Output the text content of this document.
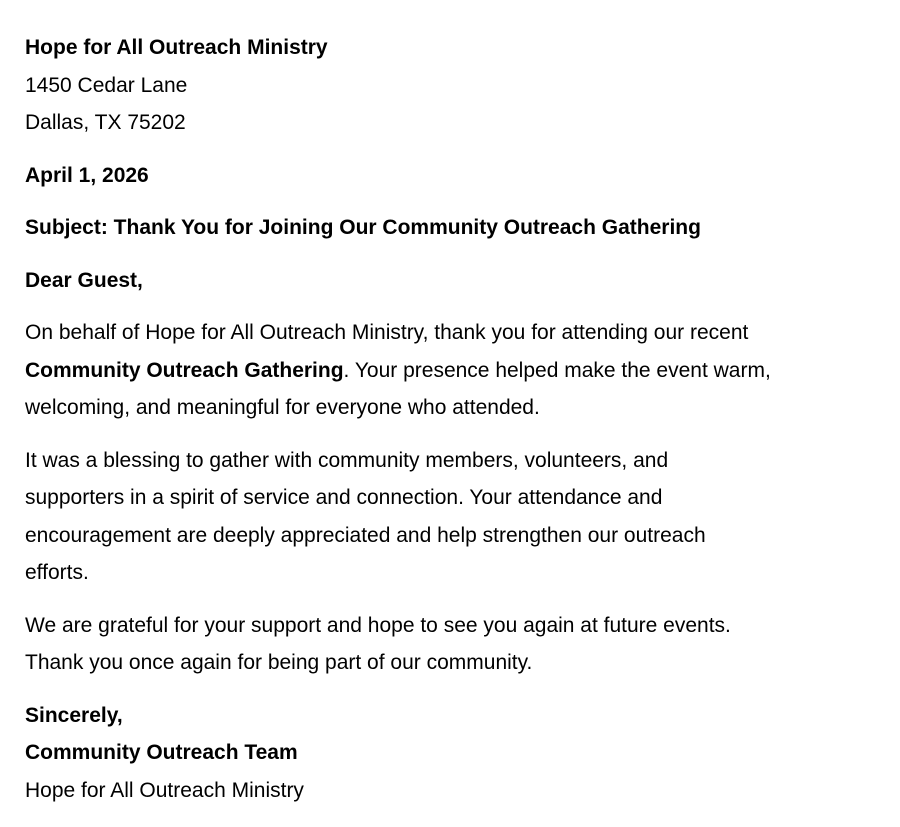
Hope for All Outreach Ministry
1450 Cedar Lane
Dallas, TX 75202
April 1, 2026
Subject: Thank You for Joining Our Community Outreach Gathering
Dear Guest,
On behalf of Hope for All Outreach Ministry, thank you for attending our recent
Community Outreach Gathering. Your presence helped make the event warm,
welcoming, and meaningful for everyone who attended.
It was a blessing to gather with community members, volunteers, and
supporters in a spirit of service and connection. Your attendance and
encouragement are deeply appreciated and help strengthen our outreach
efforts.
We are grateful for your support and hope to see you again at future events.
Thank you once again for being part of our community.
Sincerely,
Community Outreach Team
Hope for All Outreach Ministry
